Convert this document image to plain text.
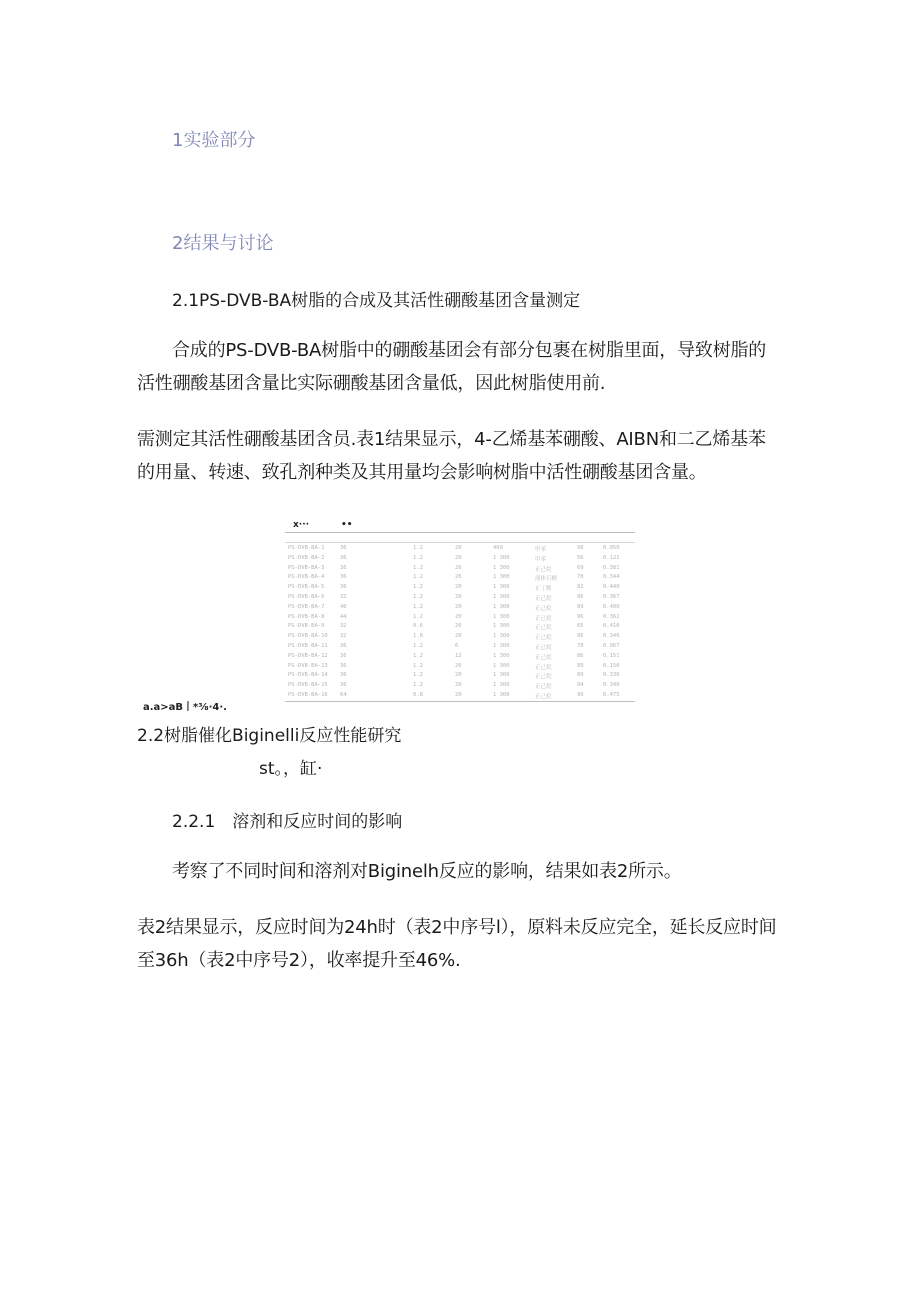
1实验部分
2结果与讨论
2.1PS-DVB-BA树脂的合成及其活性硼酸基团含量测定
合成的PS-DVB-BA树脂中的硼酸基团会有部分包裹在树脂里面，导致树脂的
活性硼酸基团含量比实际硼酸基团含量低，因此树脂使用前.
需测定其活性硼酸基团含员.表1结果显示，4-乙烯基苯硼酸、AIBN和二乙烯基苯
的用量、转速、致孔剂种类及其用量均会影响树脂中活性硼酸基团含量。
x···	••
PS-DVB-BA-1	36	1.2	20	400	甲苯	98	0.050
PS-DVB-BA-2	36	1.2	20	1 300	甲苯	56	0.121
PS-DVB-BA-3	36	1.2	20	1 300	正己烷	69	0.381
PS-DVB-BA-4	36	1.2	20	1 300	液体石蜡	78	0.344
PS-DVB-BA-5	36	1.2	20	1 300	正丁醇	82	0.440
PS-DVB-BA-6	32	1.2	20	1 300	正己烷	86	0.367
PS-DVB-BA-7	40	1.2	20	1 300	正己烷	89	0.400
PS-DVB-BA-8	44	1.2	20	1 300	正己烷	96	0.362
PS-DVB-BA-9	32	0.6	20	1 300	正己烷	65	0.410
PS-DVB-BA-10 32	1.8	20	1 300	正己烷	86	0.346
PS-DVB-BA-11 36	1.2	6	1 300	正己烷	78	0.067
PS-DVB-BA-12 36	1.2	12	1 300	正己烷	86	0.151
PS-DVB-BA-13 36	1.2	20	1 300	正己烷	89	0.150
PS-DVB-BA-14 36	1.2	20	1 300	正己烷	89	0.336
PS-DVB-BA-15 36	1.2	20	1 300	正己烷	94	0.340
PS-DVB-BA-16 64	0.8	20	1 300	正己烷	90	0.475
a.a>aB丨*⅜·4·.
2.2树脂催化Biginelli反应性能研究
st。，缸·
2.2.1　溶剂和反应时间的影响
考察了不同时间和溶剂对Biginelh反应的影响，结果如表2所示。
表2结果显示，反应时间为24h时（表2中序号l），原料未反应完全，延长反应时间
至36h（表2中序号2），收率提升至46%.
